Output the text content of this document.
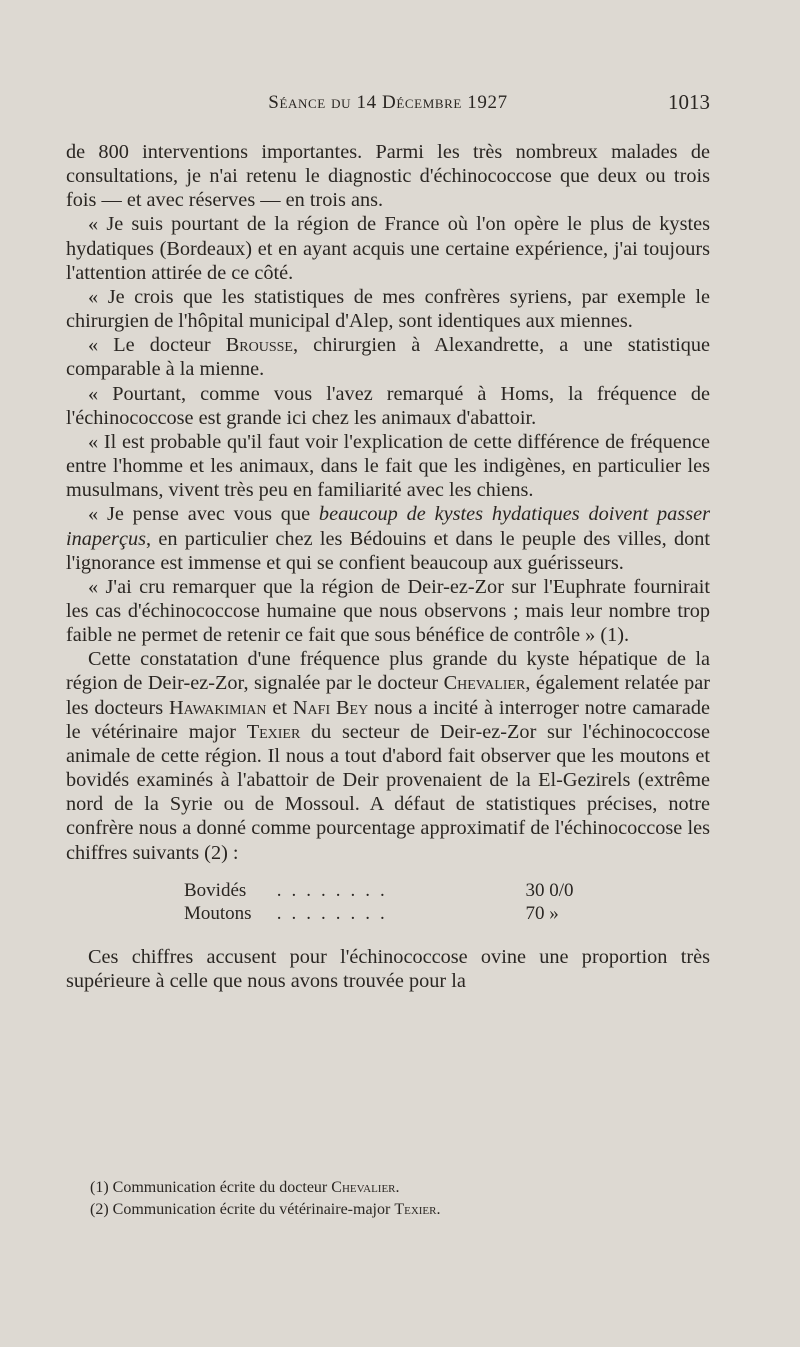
Séance du 14 Décembre 1927	1013

de 800 interventions importantes. Parmi les très nombreux malades de consultations, je n'ai retenu le diagnostic d'échinococcose que deux ou trois fois — et avec réserves — en trois ans.

« Je suis pourtant de la région de France où l'on opère le plus de kystes hydatiques (Bordeaux) et en ayant acquis une certaine expérience, j'ai toujours l'attention attirée de ce côté.

« Je crois que les statistiques de mes confrères syriens, par exemple le chirurgien de l'hôpital municipal d'Alep, sont identiques aux miennes.

« Le docteur Brousse, chirurgien à Alexandrette, a une statistique comparable à la mienne.

« Pourtant, comme vous l'avez remarqué à Homs, la fréquence de l'échinococcose est grande ici chez les animaux d'abattoir.

« Il est probable qu'il faut voir l'explication de cette différence de fréquence entre l'homme et les animaux, dans le fait que les indigènes, en particulier les musulmans, vivent très peu en familiarité avec les chiens.

« Je pense avec vous que beaucoup de kystes hydatiques doivent passer inaperçus, en particulier chez les Bédouins et dans le peuple des villes, dont l'ignorance est immense et qui se confient beaucoup aux guérisseurs.

« J'ai cru remarquer que la région de Deir-ez-Zor sur l'Euphrate fournirait les cas d'échinococcose humaine que nous observons ; mais leur nombre trop faible ne permet de retenir ce fait que sous bénéfice de contrôle » (1).

Cette constatation d'une fréquence plus grande du kyste hépatique de la région de Deir-ez-Zor, signalée par le docteur Chevalier, également relatée par les docteurs Hawakimian et Nafi Bey nous a incité à interroger notre camarade le vétérinaire major Texier du secteur de Deir-ez-Zor sur l'échinococcose animale de cette région. Il nous a tout d'abord fait observer que les moutons et bovidés examinés à l'abattoir de Deir provenaient de la El-Gezirels (extrême nord de la Syrie ou de Mossoul. A défaut de statistiques précises, notre confrère nous a donné comme pourcentage approximatif de l'échinococcose les chiffres suivants (2) :

Bovidés	........	30 0/0
Moutons	........	70 »

Ces chiffres accusent pour l'échinococcose ovine une proportion très supérieure à celle que nous avons trouvée pour la

(1) Communication écrite du docteur Chevalier.

(2) Communication écrite du vétérinaire-major Texier.
